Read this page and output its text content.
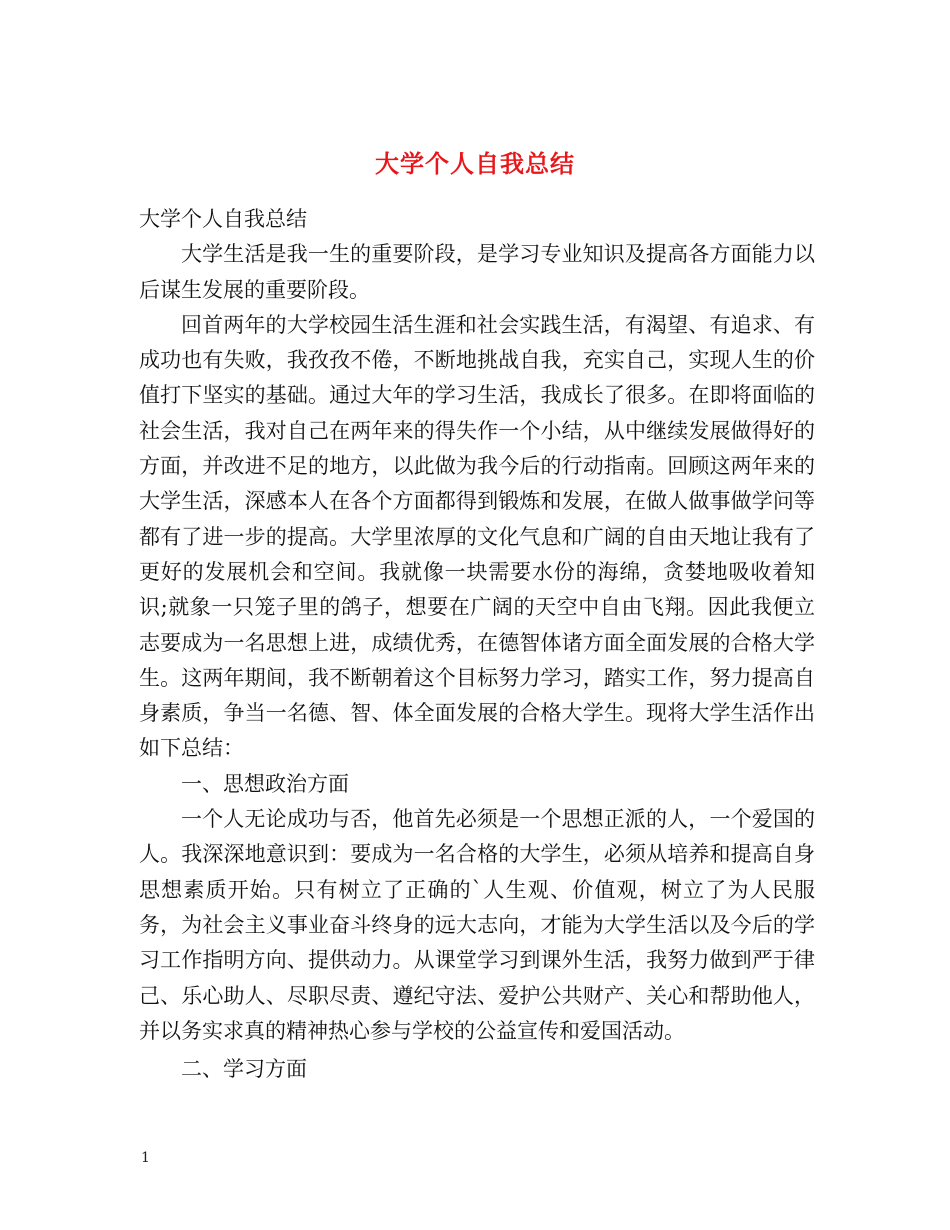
大学个人自我总结

大学个人自我总结

大学生活是我一生的重要阶段，是学习专业知识及提高各方面能力以后谋生发展的重要阶段。

回首两年的大学校园生活生涯和社会实践生活，有渴望、有追求、有成功也有失败，我孜孜不倦，不断地挑战自我，充实自己，实现人生的价值打下坚实的基础。通过大年的学习生活，我成长了很多。在即将面临的社会生活，我对自己在两年来的得失作一个小结，从中继续发展做得好的方面，并改进不足的地方，以此做为我今后的行动指南。回顾这两年来的大学生活，深感本人在各个方面都得到锻炼和发展，在做人做事做学问等都有了进一步的提高。大学里浓厚的文化气息和广阔的自由天地让我有了更好的发展机会和空间。我就像一块需要水份的海绵，贪婪地吸收着知识;就象一只笼子里的鸽子，想要在广阔的天空中自由飞翔。因此我便立志要成为一名思想上进，成绩优秀，在德智体诸方面全面发展的合格大学生。这两年期间，我不断朝着这个目标努力学习，踏实工作，努力提高自身素质，争当一名德、智、体全面发展的合格大学生。现将大学生活作出如下总结：

一、思想政治方面

一个人无论成功与否，他首先必须是一个思想正派的人，一个爱国的人。我深深地意识到：要成为一名合格的大学生，必须从培养和提高自身思想素质开始。只有树立了正确的`人生观、价值观，树立了为人民服务，为社会主义事业奋斗终身的远大志向，才能为大学生活以及今后的学习工作指明方向、提供动力。从课堂学习到课外生活，我努力做到严于律己、乐心助人、尽职尽责、遵纪守法、爱护公共财产、关心和帮助他人，并以务实求真的精神热心参与学校的公益宣传和爱国活动。

二、学习方面

1
